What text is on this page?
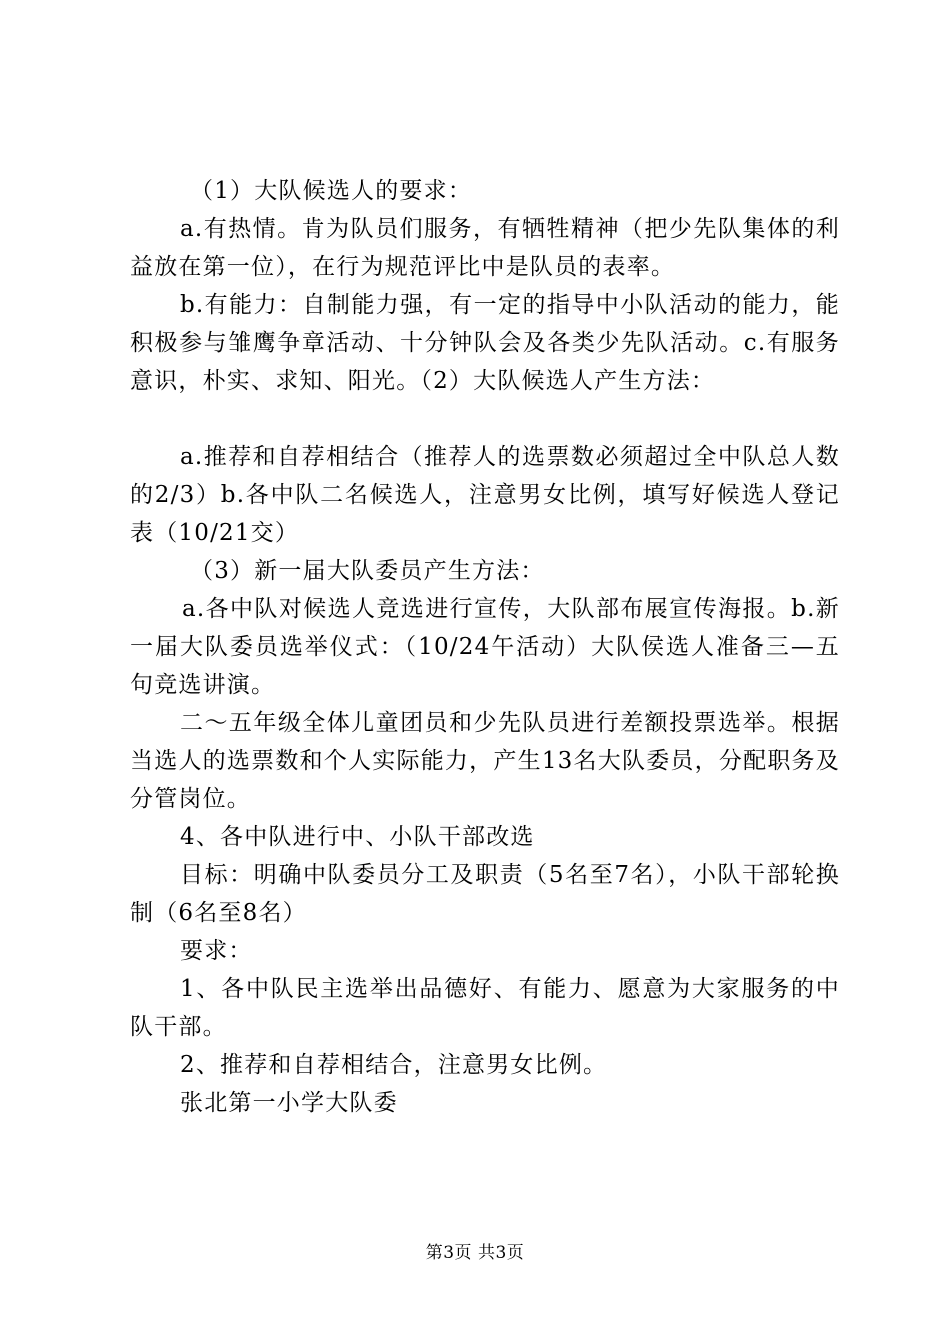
（1）大队候选人的要求：

a.有热情。肯为队员们服务，有牺牲精神（把少先队集体的利益放在第一位），在行为规范评比中是队员的表率。

b.有能力：自制能力强，有一定的指导中小队活动的能力，能积极参与雏鹰争章活动、十分钟队会及各类少先队活动。c.有服务意识，朴实、求知、阳光。（2）大队候选人产生方法：

a.推荐和自荐相结合（推荐人的选票数必须超过全中队总人数的2/3）b.各中队二名候选人，注意男女比例，填写好候选人登记表（10/21交）

（3）新一届大队委员产生方法：

a.各中队对候选人竞选进行宣传，大队部布展宣传海报。b.新一届大队委员选举仪式：（10/24午活动）大队侯选人准备三—五句竞选讲演。

二～五年级全体儿童团员和少先队员进行差额投票选举。根据当选人的选票数和个人实际能力，产生13名大队委员，分配职务及分管岗位。

4、各中队进行中、小队干部改选

目标：明确中队委员分工及职责（5名至7名），小队干部轮换制（6名至8名）

要求：

1、各中队民主选举出品德好、有能力、愿意为大家服务的中队干部。

2、推荐和自荐相结合，注意男女比例。

张北第一小学大队委

第3页 共3页
